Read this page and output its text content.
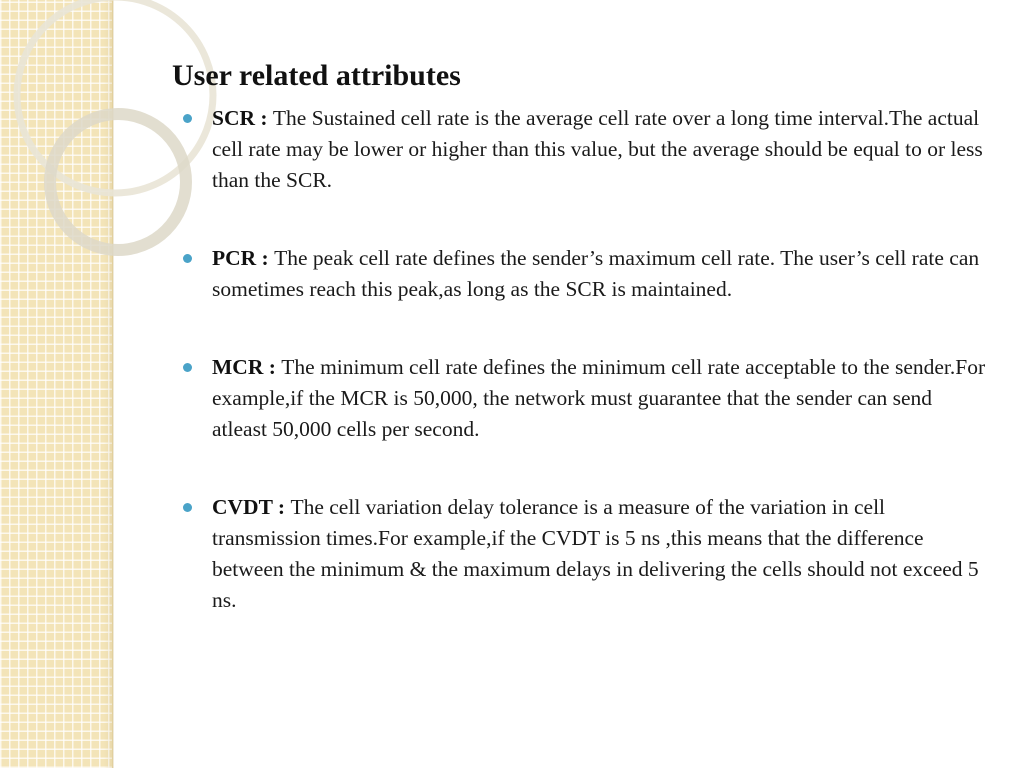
User related attributes
SCR : The Sustained cell rate is the average cell rate over a long time interval.The actual cell rate may be lower or higher than this value, but the average should be equal to or less than the SCR.
PCR : The peak cell rate defines the sender’s maximum cell rate. The user’s cell rate can sometimes reach this peak,as long as the SCR is maintained.
MCR : The minimum cell rate defines the minimum cell rate acceptable to the sender.For example,if the MCR is 50,000, the network must guarantee that the sender can send atleast 50,000 cells per second.
CVDT : The cell variation delay tolerance is a measure of the variation in cell transmission times.For example,if the CVDT is 5 ns ,this means that the difference between the minimum & the maximum delays in delivering the cells should not exceed 5 ns.
